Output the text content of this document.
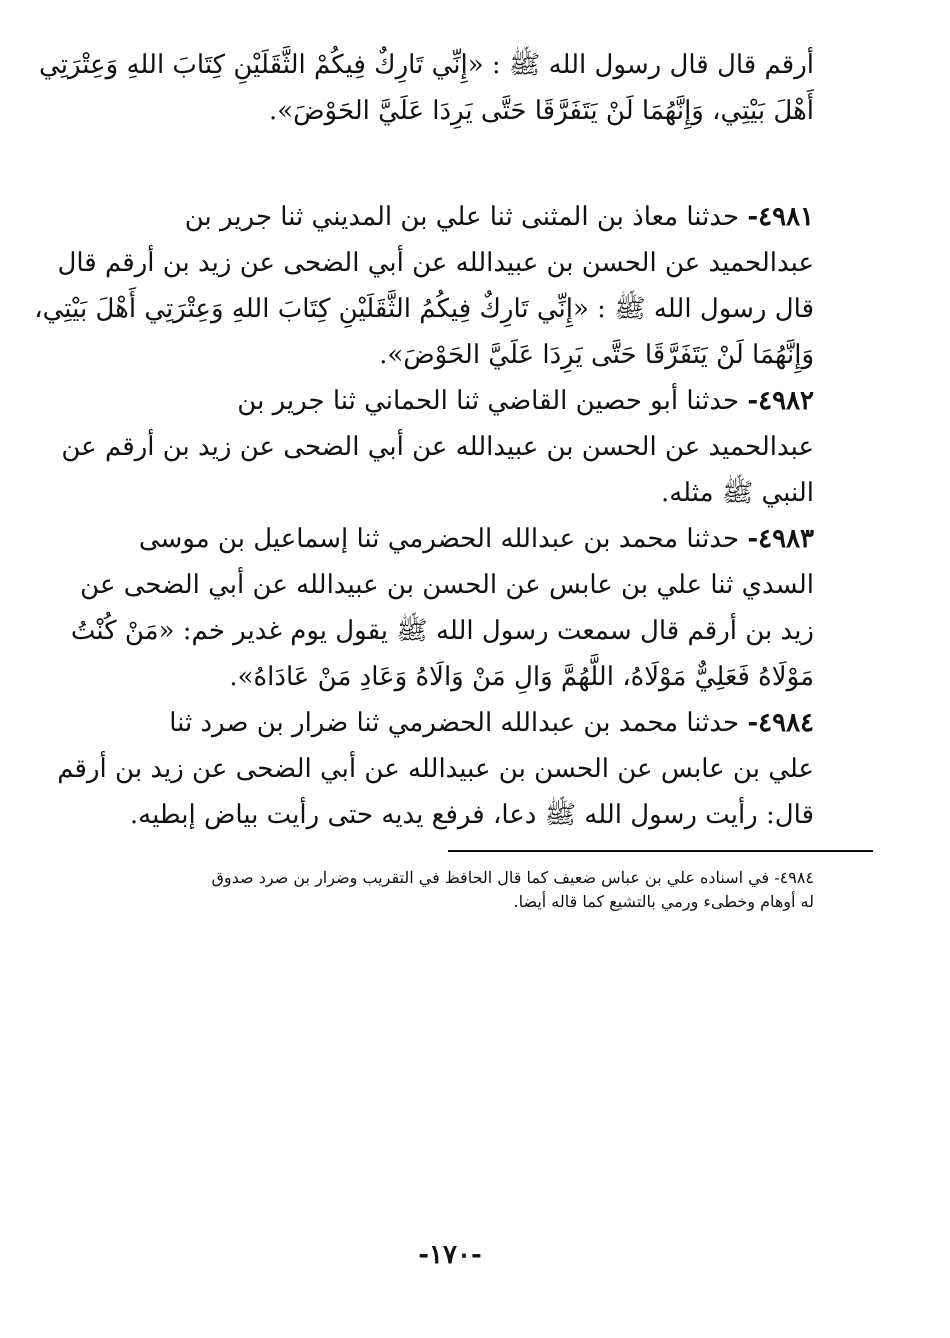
أرقم قال قال رسول الله ﷺ : «إِنِّي تَارِكٌ فِيكُمْ الثَّقَلَيْنِ كِتَابَ اللهِ وَعِتْرَتِي
أَهْلَ بَيْتِي، وَإِنَّهُمَا لَنْ يَتَفَرَّقَا حَتَّى يَرِدَا عَلَيَّ الحَوْضَ».
٤٩٨١- حدثنا معاذ بن المثنى ثنا علي بن المديني ثنا جرير بن
عبدالحميد عن الحسن بن عبيدالله عن أبي الضحى عن زيد بن أرقم قال
قال رسول الله ﷺ : «إِنِّي تَارِكٌ فِيكُمُ الثَّقَلَيْنِ كِتَابَ اللهِ وَعِتْرَتِي أَهْلَ بَيْتِي،
وَإِنَّهُمَا لَنْ يَتَفَرَّقَا حَتَّى يَرِدَا عَلَيَّ الحَوْضَ».
٤٩٨٢- حدثنا أبو حصين القاضي ثنا الحماني ثنا جرير بن
عبدالحميد عن الحسن بن عبيدالله عن أبي الضحى عن زيد بن أرقم عن
النبي ﷺ مثله.
٤٩٨٣- حدثنا محمد بن عبدالله الحضرمي ثنا إسماعيل بن موسى
السدي ثنا علي بن عابس عن الحسن بن عبيدالله عن أبي الضحى عن
زيد بن أرقم قال سمعت رسول الله ﷺ يقول يوم غدير خم: «مَنْ كُنْتُ
مَوْلَاهُ فَعَلِيٌّ مَوْلَاهُ، اللَّهُمَّ وَالِ مَنْ وَالَاهُ وَعَادِ مَنْ عَادَاهُ».
٤٩٨٤- حدثنا محمد بن عبدالله الحضرمي ثنا ضرار بن صرد ثنا
علي بن عابس عن الحسن بن عبيدالله عن أبي الضحى عن زيد بن أرقم
قال: رأيت رسول الله ﷺ دعا، فرفع يديه حتى رأيت بياض إبطيه.
٤٩٨٤- في اسناده علي بن عباس ضعيف كما قال الحافظ في التقريب وضرار بن صرد صدوق
له أوهام وخطىء ورمي بالتشيع كما قاله أيضا.
-١٧٠-
